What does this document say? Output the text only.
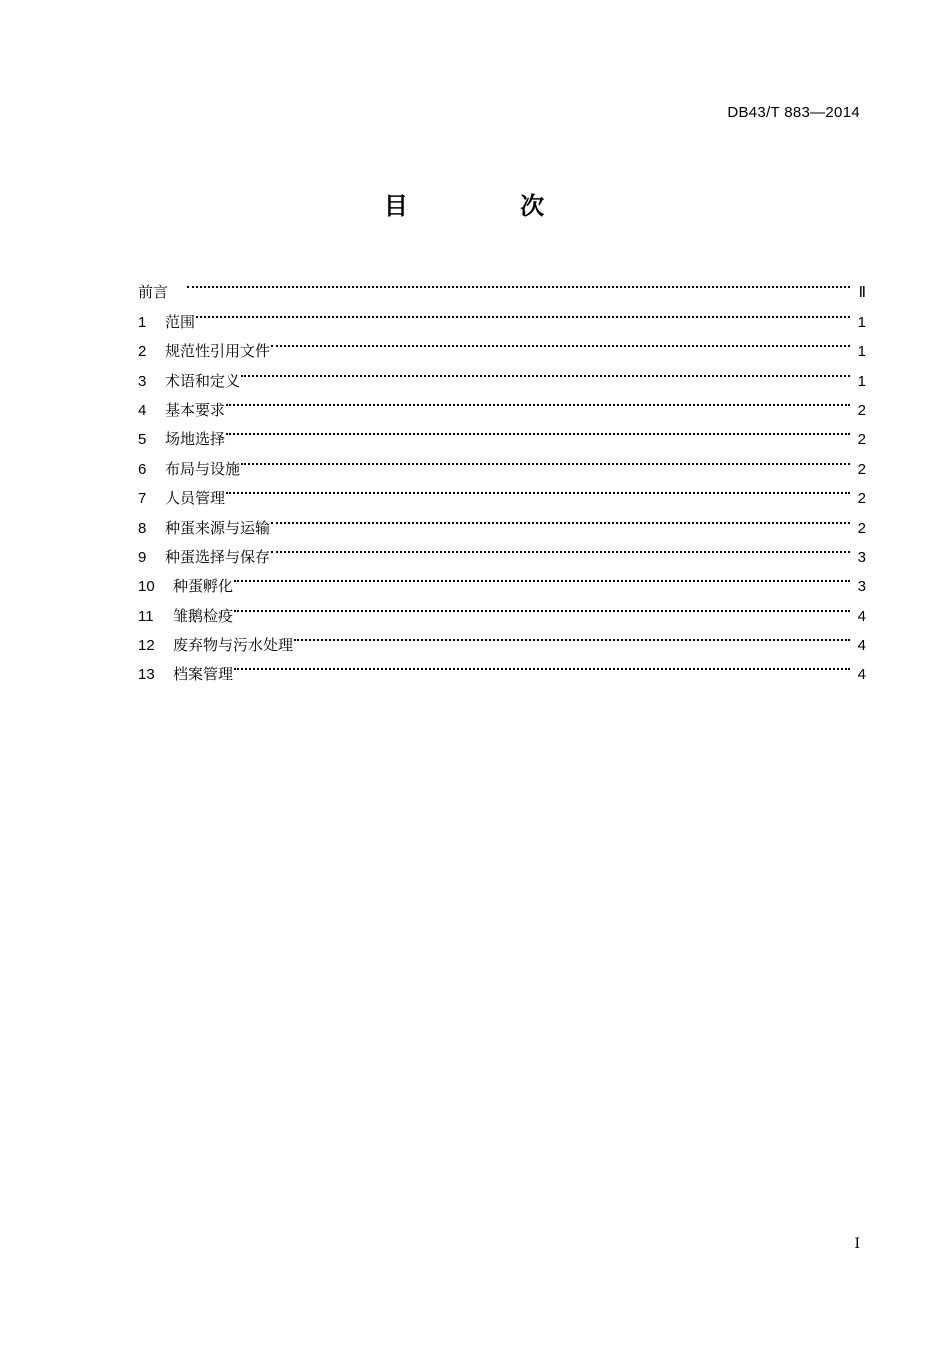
DB43/T 883—2014
目 次
前言	Ⅱ
1	范围	1
2	规范性引用文件	1
3	术语和定义	1
4	基本要求	2
5	场地选择	2
6	布局与设施	2
7	人员管理	2
8	种蛋来源与运输	2
9	种蛋选择与保存	3
10	种蛋孵化	3
11	雏鹅检疫	4
12	废弃物与污水处理	4
13	档案管理	4
I
